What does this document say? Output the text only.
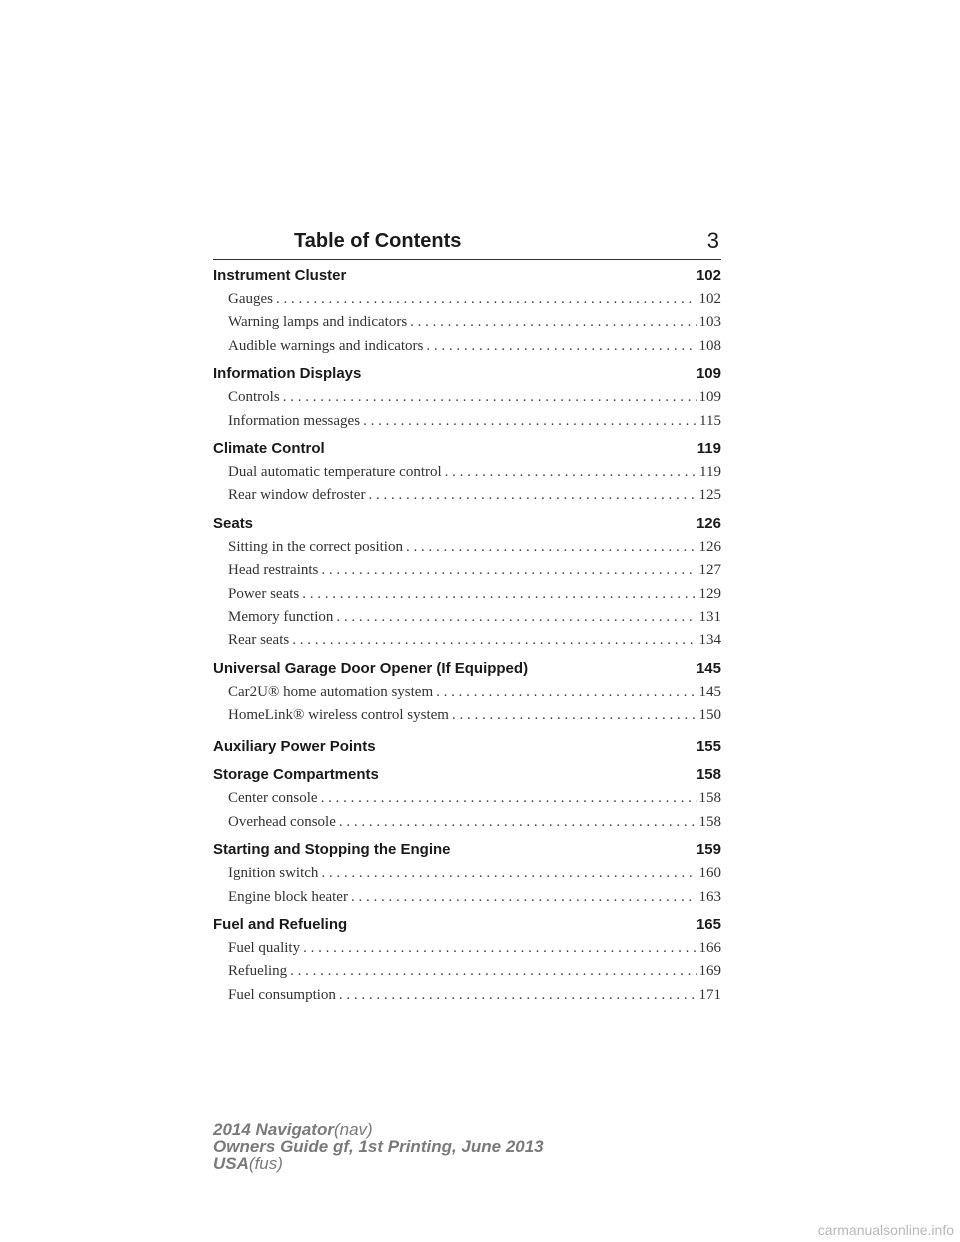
Table of Contents	3
Instrument Cluster	102
Gauges . . .	102
Warning lamps and indicators . . .	103
Audible warnings and indicators . . .	108
Information Displays	109
Controls . . .	109
Information messages . . .	115
Climate Control	119
Dual automatic temperature control . . .	119
Rear window defroster . . .	125
Seats	126
Sitting in the correct position . . .	126
Head restraints . . .	127
Power seats . . .	129
Memory function . . .	131
Rear seats . . .	134
Universal Garage Door Opener (If Equipped)	145
Car2U® home automation system . . .	145
HomeLink® wireless control system . . .	150
Auxiliary Power Points	155
Storage Compartments	158
Center console . . .	158
Overhead console . . .	158
Starting and Stopping the Engine	159
Ignition switch . . .	160
Engine block heater . . .	163
Fuel and Refueling	165
Fuel quality . . .	166
Refueling . . .	169
Fuel consumption . . .	171
2014 Navigator(nav)
Owners Guide gf, 1st Printing, June 2013
USA(fus)
carmanualsonline.info
